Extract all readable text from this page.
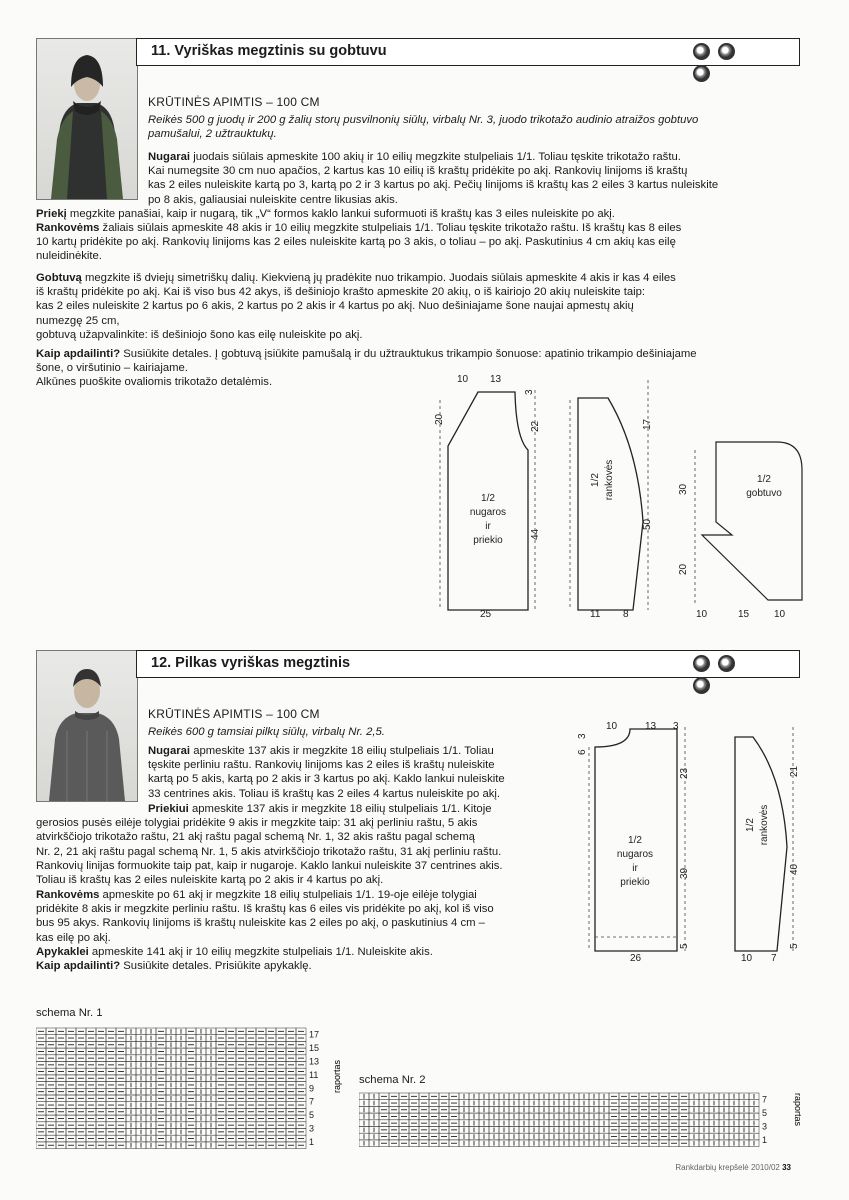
11. Vyriškas megztinis su gobtuvu
KRŪTINĖS APIMTIS – 100 CM
Reikės 500 g juodų ir 200 g žalių storų pusvilnonių siūlų, virbalų Nr. 3, juodo trikotažo audinio atraižos gobtuvo
pamušalui, 2 užtrauktukų.
Nugarai juodais siūlais apmeskite 100 akių ir 10 eilių megzkite stulpeliais 1/1. Toliau tęskite trikotažo raštu.
Kai numegsite 30 cm nuo apačios, 2 kartus kas 10 eilių iš kraštų pridėkite po akį. Rankovių linijoms iš kraštų
kas 2 eiles nuleiskite kartą po 3, kartą po 2 ir 3 kartus po akį. Pečių linijoms iš kraštų kas 2 eiles 3 kartus nuleiskite
po 8 akis, galiausiai nuleiskite centre likusias akis.
Priekį megzkite panašiai, kaip ir nugarą, tik „V“ formos kaklo lankui suformuoti iš kraštų kas 3 eiles nuleiskite po akį.
Rankovėms žaliais siūlais apmeskite 48 akis ir 10 eilių megzkite stulpeliais 1/1. Toliau tęskite trikotažo raštu. Iš kraštų kas 8 eiles
10 kartų pridėkite po akį. Rankovių linijoms kas 2 eiles nuleiskite kartą po 3 akis, o toliau – po akį. Paskutinius 4 cm akių kas eilę
nuleidinėkite.
Gobtuvą megzkite iš dviejų simetriškų dalių. Kiekvieną jų pradėkite nuo trikampio. Juodais siūlais apmeskite 4 akis ir kas 4 eiles
iš kraštų pridėkite po akį. Kai iš viso bus 42 akys, iš dešiniojo krašto apmeskite 20 akių, o iš kairiojo 20 akių nuleiskite taip:
kas 2 eiles nuleiskite 2 kartus po 6 akis, 2 kartus po 2 akis ir 4 kartus po akį. Nuo dešiniajame šone naujai apmestų akių
numezgę 25 cm,
gobtuvą užapvalinkite: iš dešiniojo šono kas eilę nuleiskite po akį.
Kaip apdailinti? Susiūkite detales. Į gobtuvą įsiūkite pamušalą ir du užtrauktukus trikampio šonuose: apatinio trikampio dešiniajame
šone, o viršutinio – kairiajame.
Alkūnes puoškite ovaliomis trikotažo detalėmis.	10 13
3
20
22
44
25
17
50
11 8
30
20
10	15 10
1/2
nugaros
ir
priekio
1/2 rankovės	1/2
gobtuvo
12. Pilkas vyriškas megztinis
KRŪTINĖS APIMTIS – 100 CM
Reikės 600 g tamsiai pilkų siūlų, virbalų Nr. 2,5.
Nugarai apmeskite 137 akis ir megzkite 18 eilių stulpeliais 1/1. Toliau
tęskite perliniu raštu. Rankovių linijoms kas 2 eiles iš kraštų nuleiskite
kartą po 5 akis, kartą po 2 akis ir 3 kartus po akį. Kaklo lankui nuleiskite
33 centrines akis. Toliau iš kraštų kas 2 eiles 4 kartus nuleiskite po akį.
Priekiui apmeskite 137 akis ir megzkite 18 eilių stulpeliais 1/1. Kitoje
gerosios pusės eilėje tolygiai pridėkite 9 akis ir megzkite taip: 31 akį perliniu raštu, 5 akis
atvirkščiojo trikotažo raštu, 21 akį raštu pagal schemą Nr. 1, 32 akis raštu pagal schemą
Nr. 2, 21 akį raštu pagal schemą Nr. 1, 5 akis atvirkščiojo trikotažo raštu, 31 akį perliniu raštu.
Rankovių linijas formuokite taip pat, kaip ir nugaroje. Kaklo lankui nuleiskite 37 centrines akis.
Toliau iš kraštų kas 2 eiles nuleiskite kartą po 2 akis ir 4 kartus po akį.
Rankovėms apmeskite po 61 akį ir megzkite 18 eilių stulpeliais 1/1. 19-oje eilėje tolygiai
pridėkite 8 akis ir megzkite perliniu raštu. Iš kraštų kas 6 eiles vis pridėkite po akį, kol iš viso
bus 95 akys. Rankovių linijoms iš kraštų nuleiskite kas 2 eiles po akį, o paskutinius 4 cm –
kas eilę po akį.
Apykaklei apmeskite 141 akį ir 10 eilių megzkite stulpeliais 1/1. Nuleiskite akis.
Kaip apdailinti? Susiūkite detales. Prisiūkite apykaklę.
10	13 3
6
3
23
39
5
26
21
40
5
10 7
1/2
nugaros
ir
priekio
1/2 rankovės
schema Nr. 1
17
15
13
11
9
7
5
3
1
raportas schema Nr. 2
7
5
3
1
raportas
Rankdarbių krepšelė 2010/02 33
